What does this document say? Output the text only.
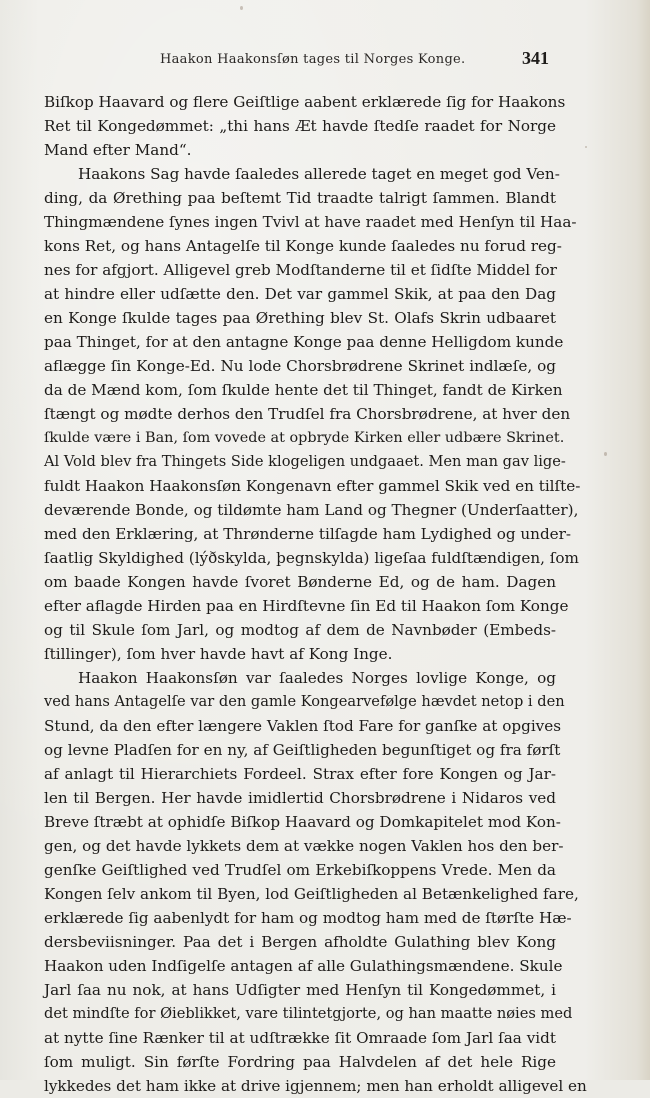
Haakon Haakonsſøn tages til Norges Konge.	341
Biſkop Haavard og flere Geiſtlige aabent erklærede ſig for Haakons
Ret til Kongedømmet: „thi hans Æt havde ſtedſe raadet for Norge
Mand efter Mand“.
Haakons Sag havde ſaaledes allerede taget en meget god Ven-
ding, da Ørething paa beſtemt Tid traadte talrigt ſammen. Blandt
Thingmændene ſynes ingen Tvivl at have raadet med Henſyn til Haa-
kons Ret, og hans Antagelſe til Konge kunde ſaaledes nu forud reg-
nes for afgjort. Alligevel greb Modſtanderne til et ſidſte Middel for
at hindre eller udſætte den. Det var gammel Skik, at paa den Dag
en Konge ſkulde tages paa Ørething blev St. Olafs Skrin udbaaret
paa Thinget, for at den antagne Konge paa denne Helligdom kunde
aflægge ſin Konge-Ed. Nu lode Chorsbrødrene Skrinet indlæſe, og
da de Mænd kom, ſom ſkulde hente det til Thinget, fandt de Kirken
ſtængt og mødte derhos den Trudſel fra Chorsbrødrene, at hver den
ſkulde være i Ban, ſom vovede at opbryde Kirken eller udbære Skrinet.
Al Vold blev fra Thingets Side klogeligen undgaaet. Men man gav lige-
fuldt Haakon Haakonsſøn Kongenavn efter gammel Skik ved en tilſte-
deværende Bonde, og tildømte ham Land og Thegner (Underſaatter),
med den Erklæring, at Thrønderne tilſagde ham Lydighed og under-
ſaatlig Skyldighed (lýðskylda, þegnskylda) ligeſaa fuldſtændigen, ſom
om baade Kongen havde ſvoret Bønderne Ed, og de ham. Dagen
efter aflagde Hirden paa en Hirdſtevne ſin Ed til Haakon ſom Konge
og til Skule ſom Jarl, og modtog af dem de Navnbøder (Embeds-
ſtillinger), ſom hver havde havt af Kong Inge.
Haakon Haakonsſøn var ſaaledes Norges lovlige Konge, og
ved hans Antagelſe var den gamle Kongearvefølge hævdet netop i den
Stund, da den efter længere Vaklen ſtod Fare for ganſke at opgives
og levne Pladſen for en ny, af Geiſtligheden begunſtiget og fra førſt
af anlagt til Hierarchiets Fordeel. Strax efter fore Kongen og Jar-
len til Bergen. Her havde imidlertid Chorsbrødrene i Nidaros ved
Breve ſtræbt at ophidſe Biſkop Haavard og Domkapitelet mod Kon-
gen, og det havde lykkets dem at vække nogen Vaklen hos den ber-
genſke Geiſtlighed ved Trudſel om Erkebiſkoppens Vrede. Men da
Kongen ſelv ankom til Byen, lod Geiſtligheden al Betænkelighed fare,
erklærede ſig aabenlydt for ham og modtog ham med de ſtørſte Hæ-
dersbeviisninger. Paa det i Bergen afholdte Gulathing blev Kong
Haakon uden Indſigelſe antagen af alle Gulathingsmændene. Skule
Jarl ſaa nu nok, at hans Udſigter med Henſyn til Kongedømmet, i
det mindſte for Øieblikket, vare tilintetgjorte, og han maatte nøies med
at nytte ſine Rænker til at udſtrække ſit Omraade ſom Jarl ſaa vidt
ſom muligt. Sin førſte Fordring paa Halvdelen af det hele Rige
lykkedes det ham ikke at drive igjennem; men han erholdt alligevel en
